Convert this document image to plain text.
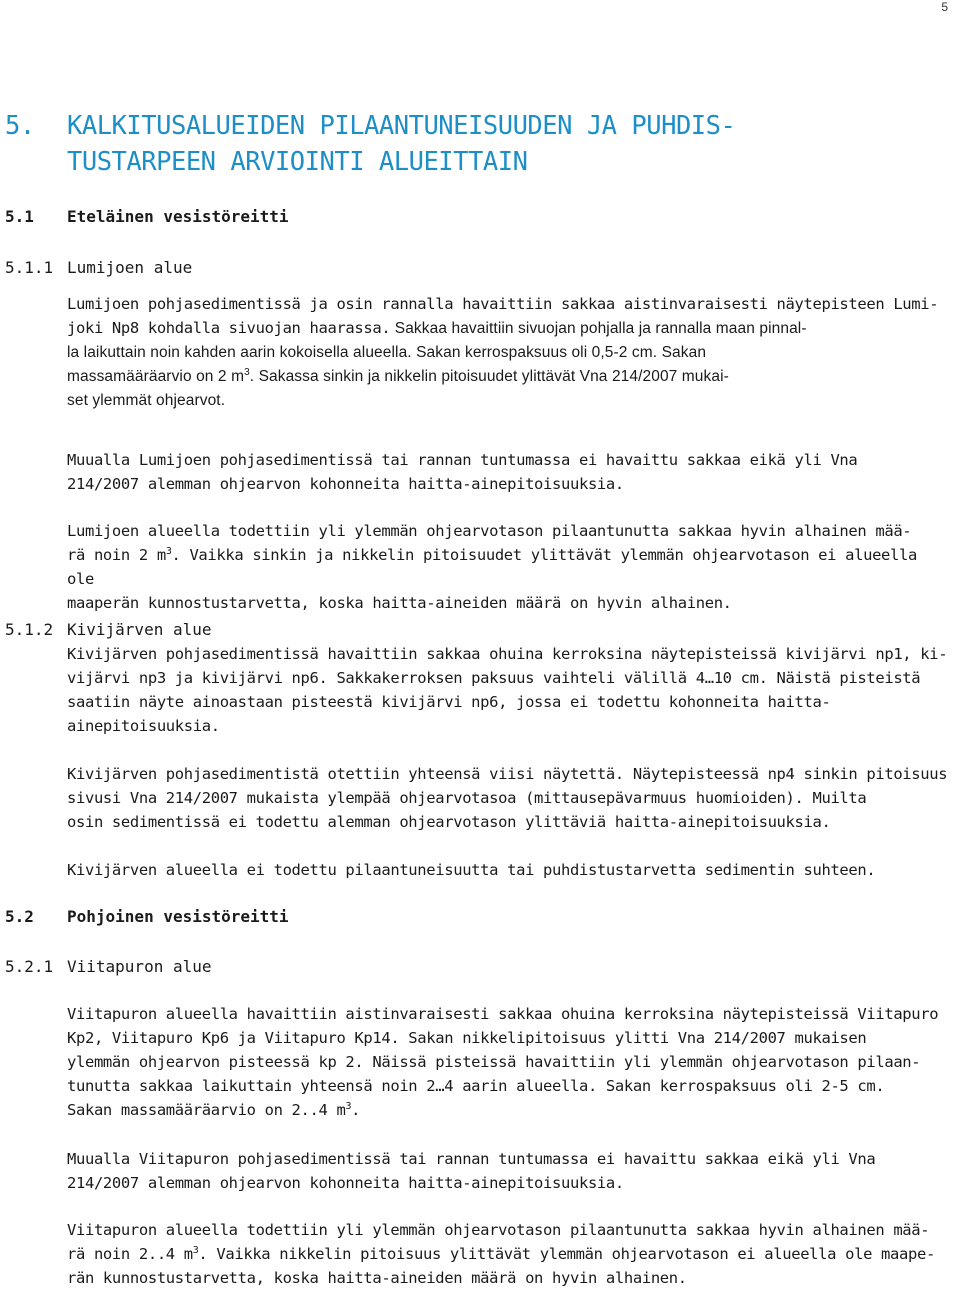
5
5. KALKITUSALUEIDEN PILAANTUNEISUUDEN JA PUHDIS-
TUSTARPEEN ARVIOINTI ALUEITTAIN
5.1 Eteläinen vesistöreitti
5.1.1 Lumijoen alue

Lumijoen pohjasedimentissä ja osin rannalla havaittiin sakkaa aistinvaraisesti näytepisteen Lumi-

joki Np8 kohdalla sivuojan haarassa. Sakkaa havaittiin sivuojan pohjalla ja rannalla maan pinnal-

la laikuttain noin kahden aarin kokoisella alueella. Sakan kerrospaksuus oli 0,5-2 cm. Sakan

massamääräarvio on 2 $m^3$. Sakassa sinkin ja nikkelin pitoisuudet ylittävät Vna 214/2007 mukai-

set ylemmät ohjearvot.

Muualla Lumijoen pohjasedimentissä tai rannan tuntumassa ei havaittu sakkaa eikä yli Vna

214/2007 alemman ohjearvon kohonneita haitta-ainepitoisuuksia.

Lumijoen alueella todettiin yli ylemmän ohjearvotason pilaantunutta sakkaa hyvin alhainen mää-

rä noin 2 $m^3$. Vaikka sinkin ja nikkelin pitoisuudet ylittävät ylemmän ohjearvotason ei alueella ole

maaperän kunnostustarvetta, koska haitta-aineiden määrä on hyvin alhainen.

5.1.2 Kivijärven alue

Kivijärven pohjasedimentissä havaittiin sakkaa ohuina kerroksina näytepisteissä kivijärvi np1, ki-

vijärvi np3 ja kivijärvi np6. Sakkakerroksen paksuus vaihteli välillä 4…10 cm. Näistä pisteistä

saatiin näyte ainoastaan pisteestä kivijärvi np6, jossa ei todettu kohonneita haitta-

ainepitoisuuksia.

Kivijärven pohjasedimentistä otettiin yhteensä viisi näytettä. Näytepisteessä np4 sinkin pitoisuus

sivusi Vna 214/2007 mukaista ylempää ohjearvotasoa (mittausepävarmuus huomioiden). Muilta

osin sedimentissä ei todettu alemman ohjearvotason ylittäviä haitta-ainepitoisuuksia.

Kivijärven alueella ei todettu pilaantuneisuutta tai puhdistustarvetta sedimentin suhteen.

5.2 Pohjoinen vesistöreitti
5.2.1 Viitapuron alue

Viitapuron alueella havaittiin aistinvaraisesti sakkaa ohuina kerroksina näytepisteissä Viitapuro

Kp2, Viitapuro Kp6 ja Viitapuro Kp14. Sakan nikkelipitoisuus ylitti Vna 214/2007 mukaisen

ylemmän ohjearvon pisteessä kp 2. Näissä pisteissä havaittiin yli ylemmän ohjearvotason pilaan-

tunutta sakkaa laikuttain yhteensä noin 2…4 aarin alueella. Sakan kerrospaksuus oli 2-5 cm.

Sakan massamääräarvio on 2..4 $m^3$.

Muualla Viitapuron pohjasedimentissä tai rannan tuntumassa ei havaittu sakkaa eikä yli Vna

214/2007 alemman ohjearvon kohonneita haitta-ainepitoisuuksia.

Viitapuron alueella todettiin yli ylemmän ohjearvotason pilaantunutta sakkaa hyvin alhainen mää-

rä noin 2..4 $m^3$. Vaikka nikkelin pitoisuus ylittävät ylemmän ohjearvotason ei alueella ole maape-

rän kunnostustarvetta, koska haitta-aineiden määrä on hyvin alhainen.
